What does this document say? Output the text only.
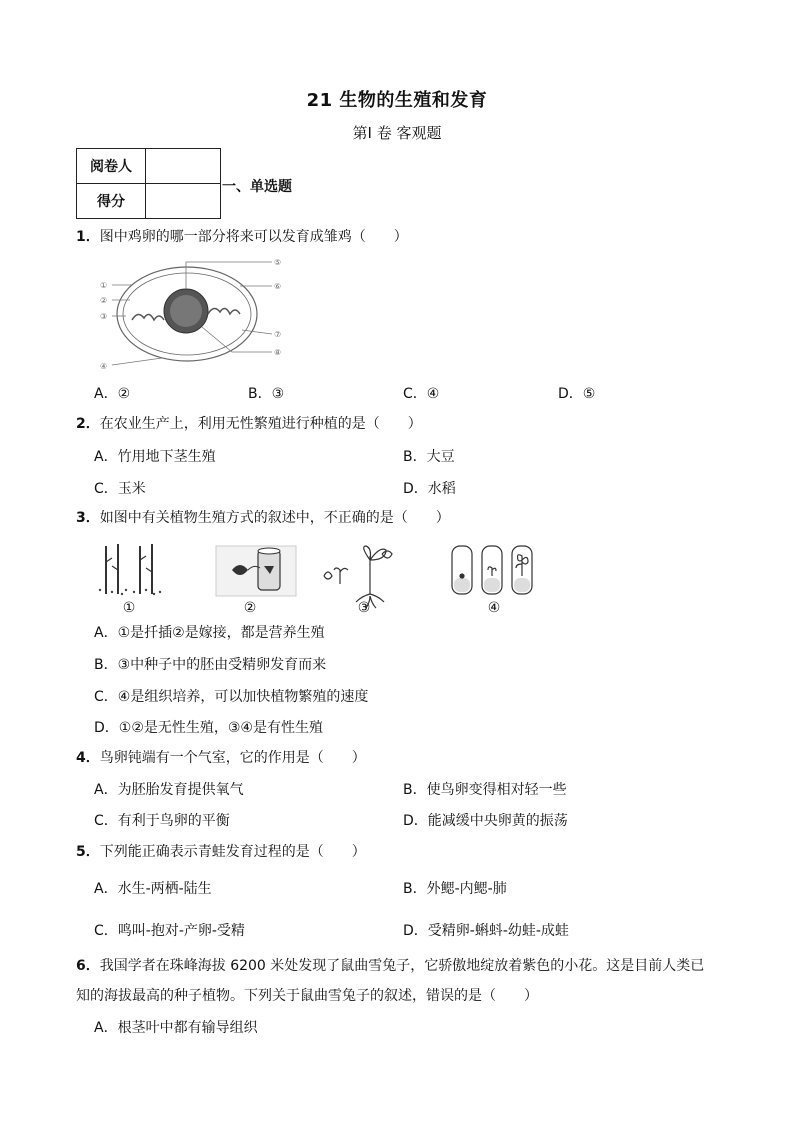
21 生物的生殖和发育
第Ⅰ 卷 客观题
阅卷人	
得分	
一、单选题
1．图中鸡卵的哪一部分将来可以发育成雏鸡（　　）
①
②
③
④
⑤
⑥
⑦
⑧
A．②	B．③	C．④	D．⑤
2．在农业生产上，利用无性繁殖进行种植的是（　　）
A．竹用地下茎生殖	B．大豆
C．玉米	D．水稻
3．如图中有关植物生殖方式的叙述中，不正确的是（　　）
①	②	③	④
A．①是扦插②是嫁接，都是营养生殖
B．③中种子中的胚由受精卵发育而来
C．④是组织培养，可以加快植物繁殖的速度
D．①②是无性生殖，③④是有性生殖
4．鸟卵钝端有一个气室，它的作用是（　　）
A．为胚胎发育提供氧气	B．使鸟卵变得相对轻一些
C．有利于鸟卵的平衡	D．能减缓中央卵黄的振荡
5．下列能正确表示青蛙发育过程的是（　　）
A．水生-两栖-陆生	B．外鳃-内鳃-肺
C．鸣叫-抱对-产卵-受精	D．受精卵-蝌蚪-幼蛙-成蛙
6．我国学者在珠峰海拔 6200 米处发现了鼠曲雪兔子，它骄傲地绽放着紫色的小花。这是目前人类已
知的海拔最高的种子植物。下列关于鼠曲雪兔子的叙述，错误的是（　　）
A．根茎叶中都有输导组织
